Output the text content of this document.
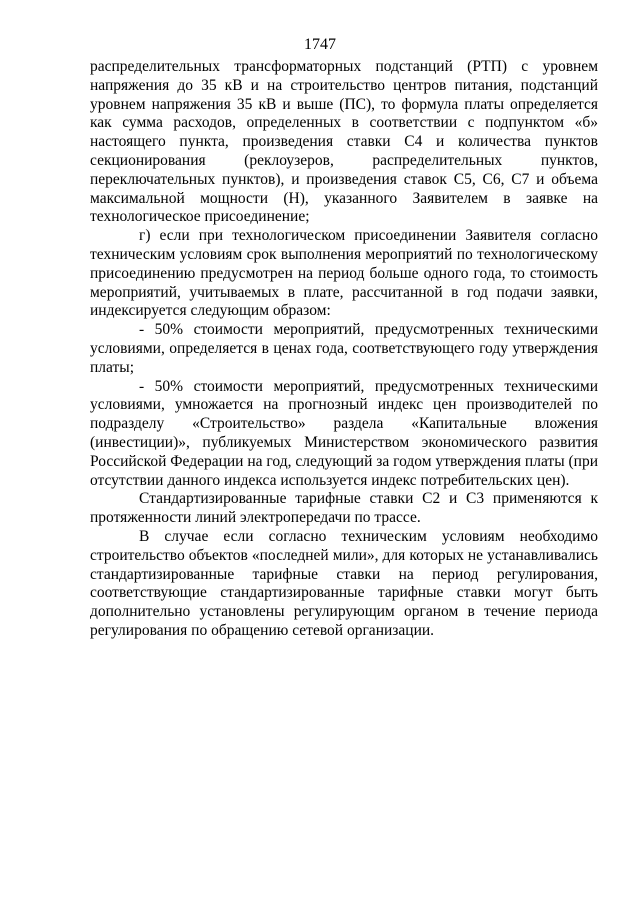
1747

распределительных трансформаторных подстанций (РТП) с уровнем напряжения до 35 кВ и на строительство центров питания, подстанций уровнем напряжения 35 кВ и выше (ПС), то формула платы определяется как сумма расходов, определенных в соответствии с подпунктом «б» настоящего пункта, произведения ставки С4 и количества пунктов секционирования (реклоузеров, распределительных пунктов, переключательных пунктов), и произведения ставок С5, С6, С7 и объема максимальной мощности (Н), указанного Заявителем в заявке на технологическое присоединение;

г) если при технологическом присоединении Заявителя согласно техническим условиям срок выполнения мероприятий по технологическому присоединению предусмотрен на период больше одного года, то стоимость мероприятий, учитываемых в плате, рассчитанной в год подачи заявки, индексируется следующим образом:

- 50% стоимости мероприятий, предусмотренных техническими условиями, определяется в ценах года, соответствующего году утверждения платы;

- 50% стоимости мероприятий, предусмотренных техническими условиями, умножается на прогнозный индекс цен производителей по подразделу «Строительство» раздела «Капитальные вложения (инвестиции)», публикуемых Министерством экономического развития Российской Федерации на год, следующий за годом утверждения платы (при отсутствии данного индекса используется индекс потребительских цен).

Стандартизированные тарифные ставки С2 и С3 применяются к протяженности линий электропередачи по трассе.

В случае если согласно техническим условиям необходимо строительство объектов «последней мили», для которых не устанавливались стандартизированные тарифные ставки на период регулирования, соответствующие стандартизированные тарифные ставки могут быть дополнительно установлены регулирующим органом в течение периода регулирования по обращению сетевой организации.
